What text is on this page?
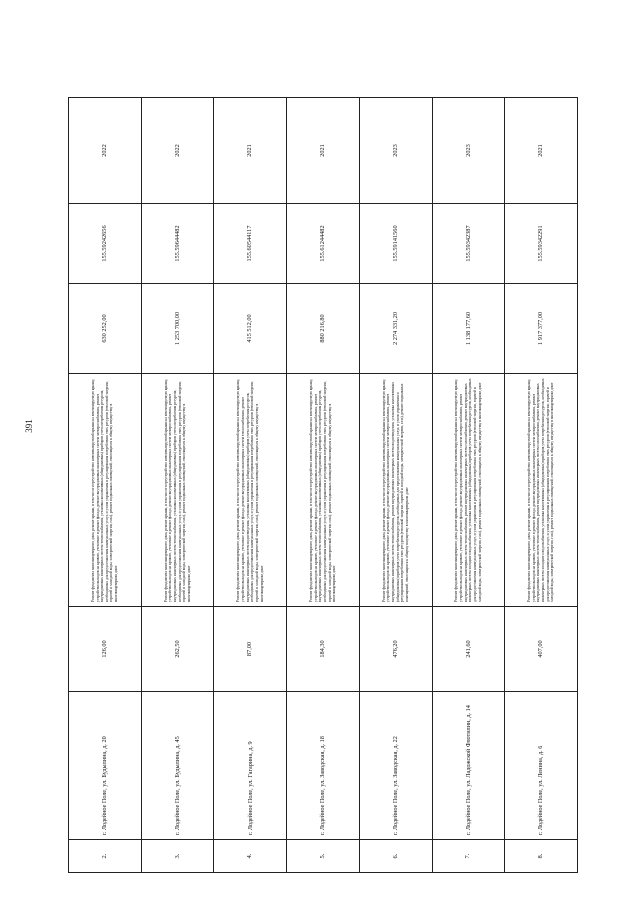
391
2.	г. Лодейное Поле, ул. Будылина, д. 20	126,00	Ремонт фундамента многоквартирного дома, ремонт крыши, в том числе переустройство невентилируемой крыши на вентилируемую крышу, устройство выходов на кровлю, утепление и ремонт фасада, ремонт внутридомовых инженерных систем электроснабжения, ремонт внутридомовых инженерных систем теплоснабжения, установка коллективных (общедомовых) приборов учета потребления ресурсов, необходимых для предоставления коммунальных услуг, и узлов управления и регулирования потребления этих ресурсов (тепловой энергии, горячей и холодной воды, электрической энергии, газа), ремонт подвальных помещений, относящихся к общему имуществу в многоквартирном доме	630 252,00	155.59242656	2022
3.	г. Лодейное Поле, ул. Будылина, д. 45	262,50	Ремонт фундамента многоквартирного дома, ремонт крыши, в том числе переустройство невентилируемой крыши на вентилируемую крышу, устройство выходов на кровлю, утепление и ремонт фасада, ремонт внутридомовых инженерных систем электроснабжения, ремонт внутридомовых инженерных систем теплоснабжения, установка коллективных (общедомовых) приборов учета потребления ресурсов, необходимых для предоставления коммунальных услуг, и узлов управления и регулирования потребления этих ресурсов (тепловой энергии, горячей и холодной воды, электрической энергии, газа), ремонт подвальных помещений, относящихся к общему имуществу в многоквартирном доме	1 253 700,00	155.59644482	2022
4.	г. Лодейное Поле, ул. Гагарина, д. 9	87,00	Ремонт фундамента многоквартирного дома, ремонт крыши, в том числе переустройство невентилируемой крыши на вентилируемую крышу, устройство выходов на кровлю, утепление и ремонт фасада, ремонт внутридомовых инженерных систем теплоснабжения, ремонт внутридомовых инженерных систем водоотведения, установка коллективных (общедомовых) приборов учета потребления ресурсов, необходимых для предоставления коммунальных услуг, и узлов управления и регулирования потребления этих ресурсов (тепловой энергии, горячей и холодной воды, электрической энергии, газа), ремонт подвальных помещений, относящихся к общему имуществу в многоквартирном доме	415 512,00	155.60544117	2021
5.	г. Лодейное Поле, ул. Заводская, д. 18	184,30	Ремонт фундамента многоквартирного дома, ремонт крыши, в том числе переустройство невентилируемой крыши на вентилируемую крышу, устройство выходов на кровлю, утепление и ремонт фасада, ремонт внутридомовых инженерных систем электроснабжения, ремонт внутридомовых инженерных систем теплоснабжения, установка коллективных (общедомовых) приборов учета потребления ресурсов, необходимых для предоставления коммунальных услуг, и узлов управления и регулирования потребления этих ресурсов (тепловой энергии, горячей и холодной воды, электрической энергии, газа), ремонт подвальных помещений, относящихся к общему имуществу в многоквартирном доме	880 216,80	155.61244482	2021
6.	г. Лодейное Поле, ул. Заводская, д. 22	476,20	Ремонт фундамента многоквартирного дома, ремонт крыши, в том числе переустройство невентилируемой крыши на вентилируемую крышу, устройство выходов на кровлю, утепление и ремонт фасада, ремонт внутридомовых инженерных систем электроснабжения, ремонт внутридомовых инженерных систем теплоснабжения, ремонт внутридомовых инженерных систем водоотведения, установка коллективных (общедомовых) приборов учета потребления ресурсов, необходимых для предоставления коммунальных услуг, и узлов управления и регулирования потребления этих ресурсов (тепловой энергии, горячей и холодной воды, электрической энергии, газа), ремонт подвальных помещений, относящихся к общему имуществу в многоквартирном доме	2 274 331,20	155.59141560	2023
7.	г. Лодейное Поле, ул. Ладожской Флотилии, д. 14	241,60	Ремонт фундамента многоквартирного дома, ремонт крыши, в том числе переустройство невентилируемой крыши на вентилируемую крышу, устройство выходов на кровлю, утепление и ремонт фасада, ремонт внутридомовых инженерных систем электроснабжения, ремонт внутридомовых инженерных систем теплоснабжения, ремонт внутридомовых инженерных систем газоснабжения, ремонт внутридомовых инженерных систем холодного водоснабжения, установка коллективных (общедомовых) приборов учета потребления ресурсов, необходимых для предоставления коммунальных услуг, и узлов управления и регулирования потребления этих ресурсов (тепловой энергии, горячей и холодной воды, электрической энергии, газа), ремонт подвальных помещений, относящихся к общему имуществу в многоквартирном доме	1 138 177,60	155.59342387	2023
8.	г. Лодейное Поле, ул. Ленина, д. 6	407,00	Ремонт фундамента многоквартирного дома, ремонт крыши, в том числе переустройство невентилируемой крыши на вентилируемую крышу, устройство выходов на кровлю, утепление и ремонт фасада, ремонт внутридомовых инженерных систем электроснабжения, ремонт внутридомовых инженерных систем теплоснабжения, ремонт внутридомовых инженерных систем газоснабжения, ремонт внутридомовых инженерных систем холодного водоснабжения, установка коллективных (общедомовых) приборов учета потребления ресурсов, необходимых для предоставления коммунальных услуг, и узлов управления и регулирования потребления этих ресурсов (тепловой энергии, горячей и холодной воды, электрической энергии, газа), ремонт подвальных помещений, относящихся к общему имуществу в многоквартирном доме	1 917 377,00	155.59342291	2021
